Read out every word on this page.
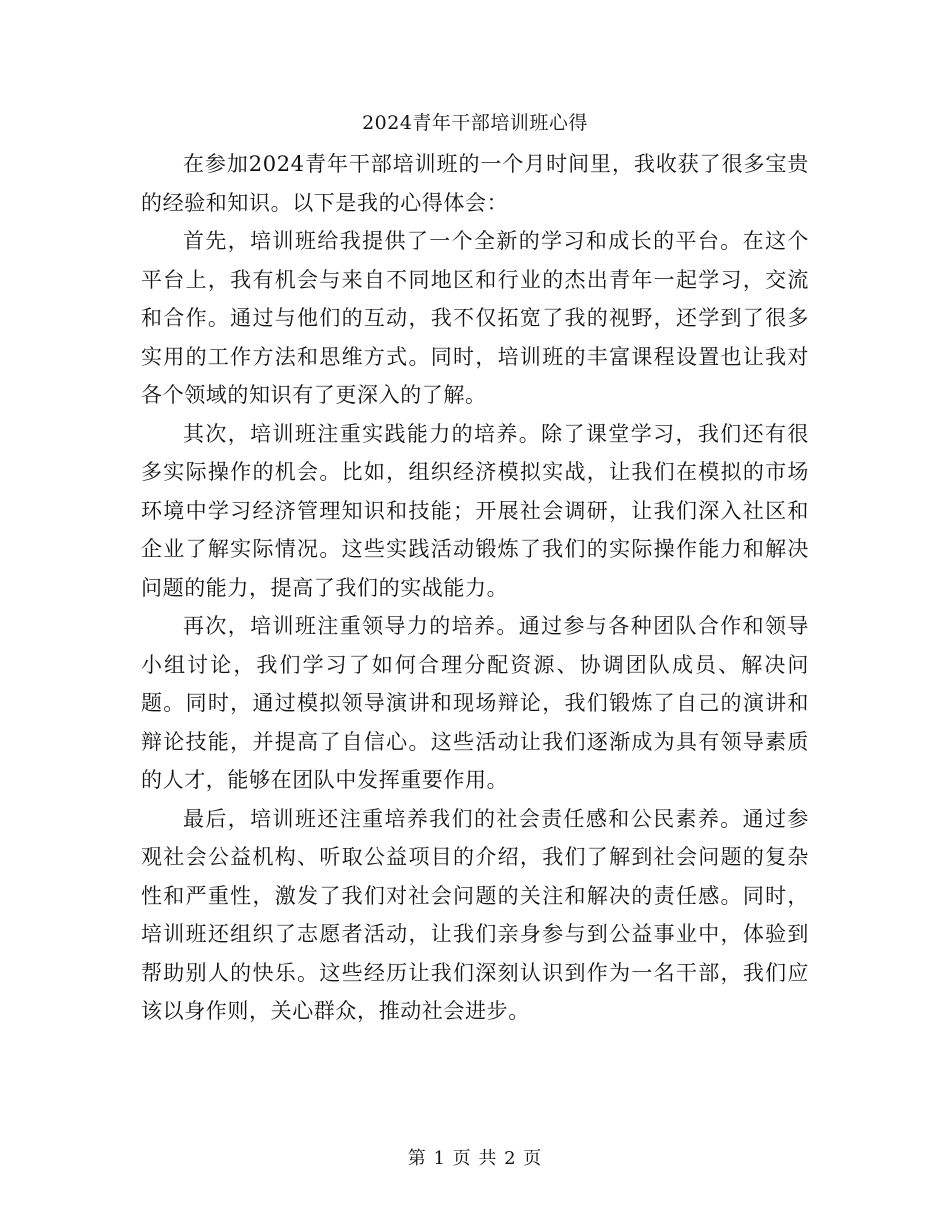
2024青年干部培训班心得

在参加2024青年干部培训班的一个月时间里，我收获了很多宝贵的经验和知识。以下是我的心得体会：

首先，培训班给我提供了一个全新的学习和成长的平台。在这个平台上，我有机会与来自不同地区和行业的杰出青年一起学习，交流和合作。通过与他们的互动，我不仅拓宽了我的视野，还学到了很多实用的工作方法和思维方式。同时，培训班的丰富课程设置也让我对各个领域的知识有了更深入的了解。

其次，培训班注重实践能力的培养。除了课堂学习，我们还有很多实际操作的机会。比如，组织经济模拟实战，让我们在模拟的市场环境中学习经济管理知识和技能；开展社会调研，让我们深入社区和企业了解实际情况。这些实践活动锻炼了我们的实际操作能力和解决问题的能力，提高了我们的实战能力。

再次，培训班注重领导力的培养。通过参与各种团队合作和领导小组讨论，我们学习了如何合理分配资源、协调团队成员、解决问题。同时，通过模拟领导演讲和现场辩论，我们锻炼了自己的演讲和辩论技能，并提高了自信心。这些活动让我们逐渐成为具有领导素质的人才，能够在团队中发挥重要作用。

最后，培训班还注重培养我们的社会责任感和公民素养。通过参观社会公益机构、听取公益项目的介绍，我们了解到社会问题的复杂性和严重性，激发了我们对社会问题的关注和解决的责任感。同时，培训班还组织了志愿者活动，让我们亲身参与到公益事业中，体验到帮助别人的快乐。这些经历让我们深刻认识到作为一名干部，我们应该以身作则，关心群众，推动社会进步。

第 1 页 共 2 页
